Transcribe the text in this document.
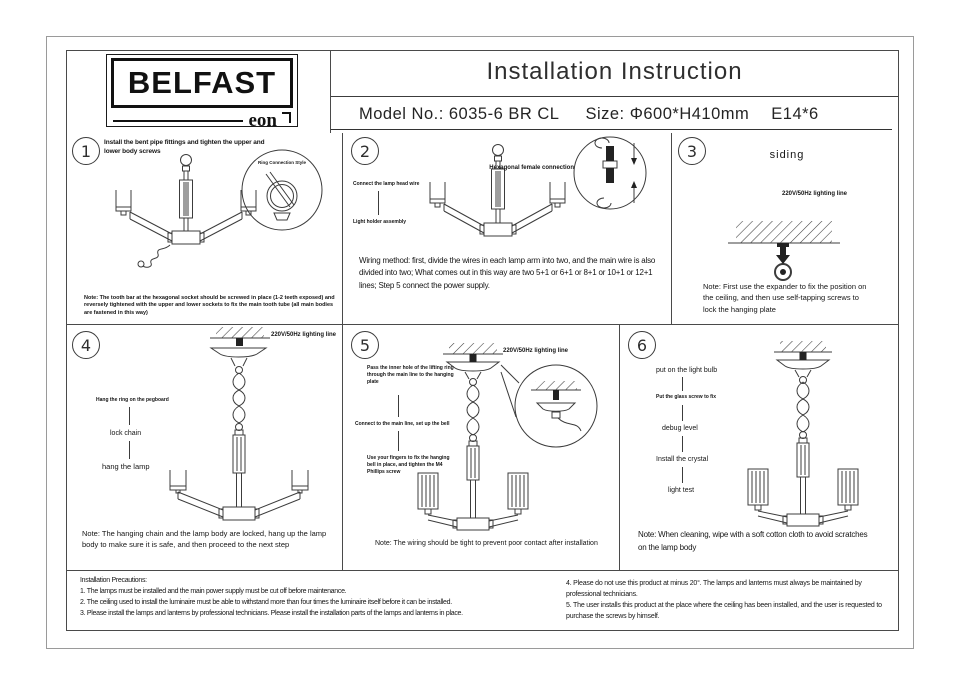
BELFAST
eon
Installation Instruction
Model No.: 6035-6 BR CL Size: Φ600*H410mm E14*6
1	Install the bent pipe fittings and tighten the upper and lower body screws
Ring Connection Style
Note: The tooth bar at the hexagonal socket should be screwed in place (1-2 teeth exposed) and reversely tightened with the upper and lower sockets to fix the main tooth tube (all main bodies are fastened in this way)
2
Connect the lamp head wire
Light holder assembly
Hexagonal female connection
Wiring method: first, divide the wires in each lamp arm into two, and the main wire is also divided into two; What comes out in this way are two 5+1 or 6+1 or 8+1 or 10+1 or 12+1 lines; Step 5 connect the power supply.
3	siding
220V/50Hz lighting line
Note: First use the expander to fix the position on the ceiling, and then use self-tapping screws to lock the hanging plate
4
220V/50Hz lighting line
Hang the ring on the pegboard
lock chain
hang the lamp
Note: The hanging chain and the lamp body are locked, hang up the lamp body to make sure it is safe, and then proceed to the next step
5	220V/50Hz lighting line
Pass the inner hole of the lifting ring through the main line to the hanging plate
Connect to the main line, set up the bell
Use your fingers to fix the hanging bell in place, and tighten the M4 Phillips screw
Note: The wiring should be tight to prevent poor contact after installation
6
put on the light bulb
Put the glass screw to fix
debug level
Install the crystal
light test
Note: When cleaning, wipe with a soft cotton cloth to avoid scratches on the lamp body
Installation Precautions:
1. The lamps must be installed and the main power supply must be cut off before maintenance.
2. The ceiling used to install the luminaire must be able to withstand more than four times the luminaire itself before it can be installed.
3. Please install the lamps and lanterns by professional technicians. Please install the installation parts of the lamps and lanterns in place.
4. Please do not use this product at minus 20°. The lamps and lanterns must always be maintained by professional technicians.
5. The user installs this product at the place where the ceiling has been installed, and the user is requested to purchase the screws by himself.
